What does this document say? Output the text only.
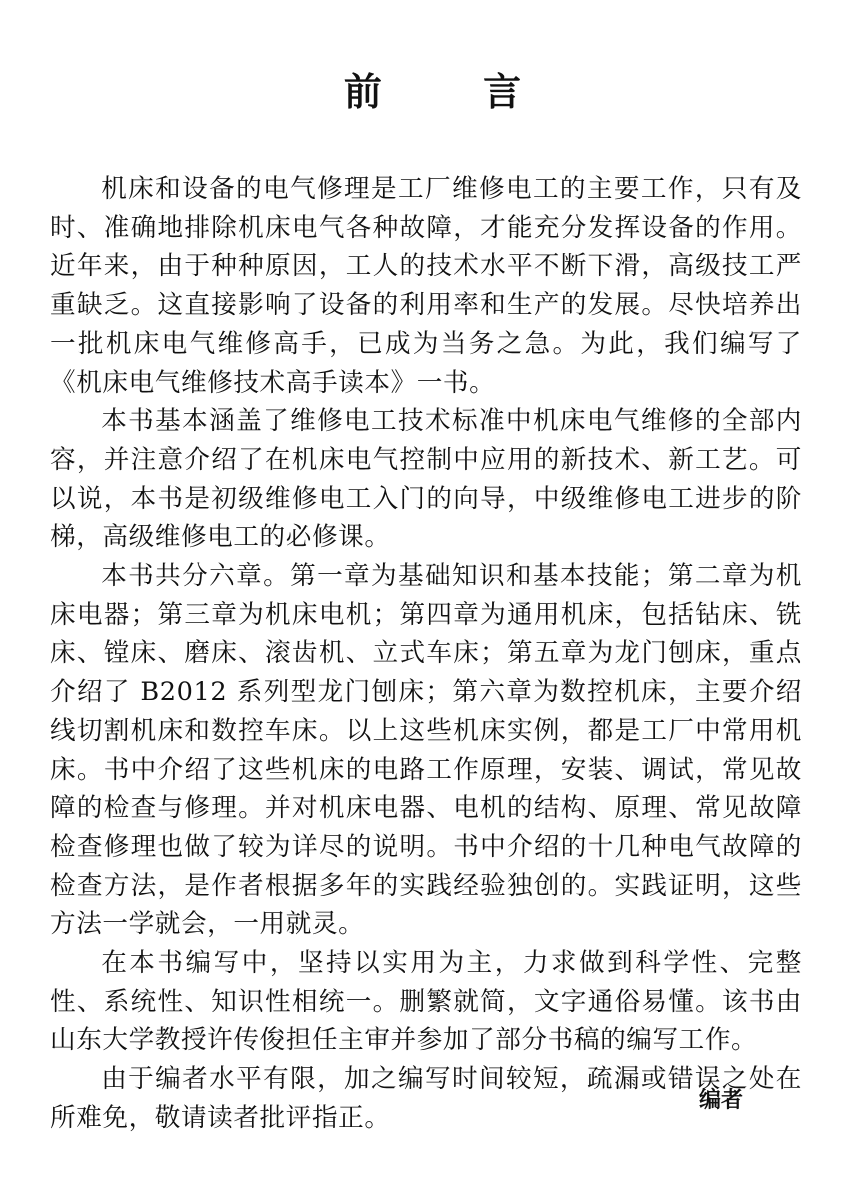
前 言

机床和设备的电气修理是工厂维修电工的主要工作，只有及时、准确地排除机床电气各种故障，才能充分发挥设备的作用。近年来，由于种种原因，工人的技术水平不断下滑，高级技工严重缺乏。这直接影响了设备的利用率和生产的发展。尽快培养出一批机床电气维修高手，已成为当务之急。为此，我们编写了《机床电气维修技术高手读本》一书。

本书基本涵盖了维修电工技术标准中机床电气维修的全部内容，并注意介绍了在机床电气控制中应用的新技术、新工艺。可以说，本书是初级维修电工入门的向导，中级维修电工进步的阶梯，高级维修电工的必修课。

本书共分六章。第一章为基础知识和基本技能；第二章为机床电器；第三章为机床电机；第四章为通用机床，包括钻床、铣床、镗床、磨床、滚齿机、立式车床；第五章为龙门刨床，重点介绍了 B2012 系列型龙门刨床；第六章为数控机床，主要介绍线切割机床和数控车床。以上这些机床实例，都是工厂中常用机床。书中介绍了这些机床的电路工作原理，安装、调试，常见故障的检查与修理。并对机床电器、电机的结构、原理、常见故障检查修理也做了较为详尽的说明。书中介绍的十几种电气故障的检查方法，是作者根据多年的实践经验独创的。实践证明，这些方法一学就会，一用就灵。

在本书编写中，坚持以实用为主，力求做到科学性、完整性、系统性、知识性相统一。删繁就简，文字通俗易懂。该书由山东大学教授许传俊担任主审并参加了部分书稿的编写工作。

由于编者水平有限，加之编写时间较短，疏漏或错误之处在所难免，敬请读者批评指正。

编者
